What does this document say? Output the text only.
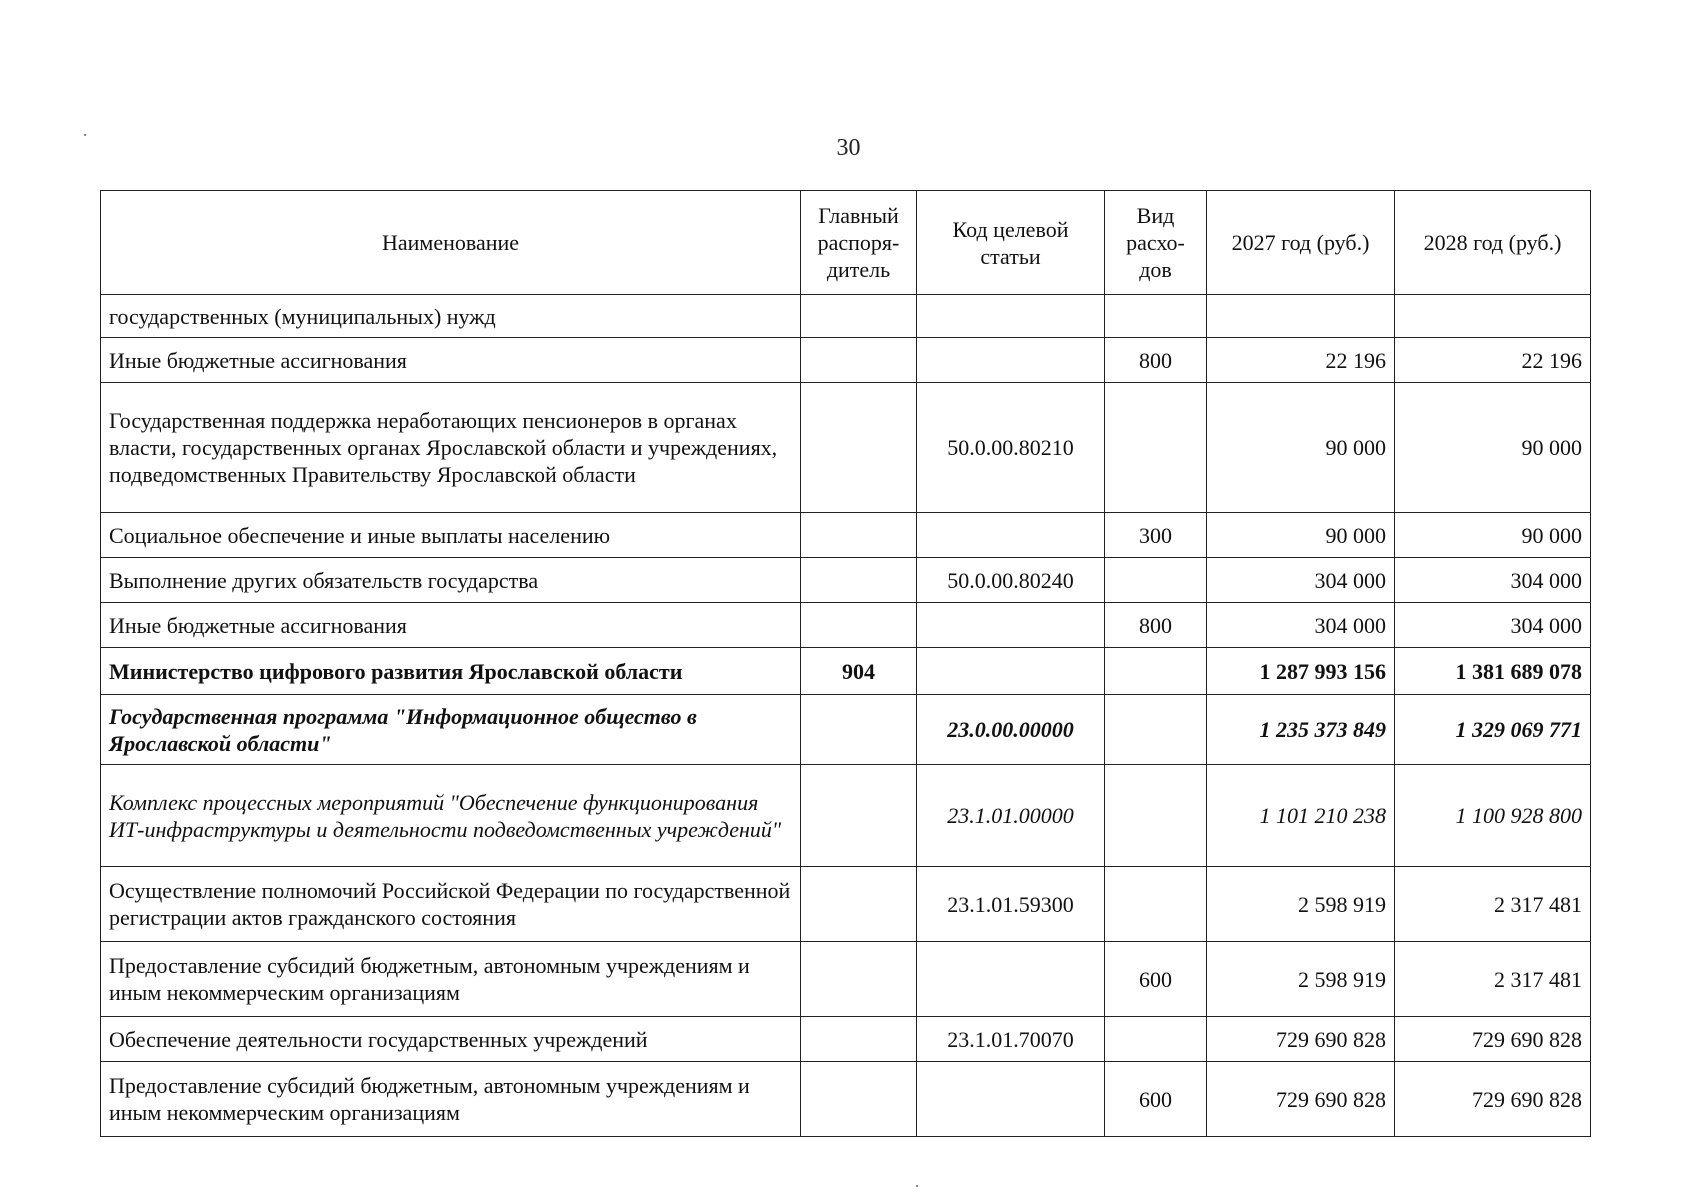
30
Наименование	Главный распоря-дитель	Код целевой статьи	Вид расхо-дов	2027 год (руб.)	2028 год (руб.)
государственных (муниципальных) нужд					
Иные бюджетные ассигнования			800	22 196	22 196
Государственная поддержка неработающих пенсионеров в органах власти, государственных органах Ярославской области и учреждениях, подведомственных Правительству Ярославской области		50.0.00.80210		90 000	90 000
Социальное обеспечение и иные выплаты населению			300	90 000	90 000
Выполнение других обязательств государства		50.0.00.80240		304 000	304 000
Иные бюджетные ассигнования			800	304 000	304 000
Министерство цифрового развития Ярославской области	904			1 287 993 156	1 381 689 078
Государственная программа "Информационное общество в Ярославской области"		23.0.00.00000		1 235 373 849	1 329 069 771
Комплекс процессных мероприятий "Обеспечение функционирования ИТ-инфраструктуры и деятельности подведомственных учреждений"		23.1.01.00000		1 101 210 238	1 100 928 800
Осуществление полномочий Российской Федерации по государственной регистрации актов гражданского состояния		23.1.01.59300		2 598 919	2 317 481
Предоставление субсидий бюджетным, автономным учреждениям и иным некоммерческим организациям			600	2 598 919	2 317 481
Обеспечение деятельности государственных учреждений		23.1.01.70070		729 690 828	729 690 828
Предоставление субсидий бюджетным, автономным учреждениям и иным некоммерческим организациям			600	729 690 828	729 690 828
